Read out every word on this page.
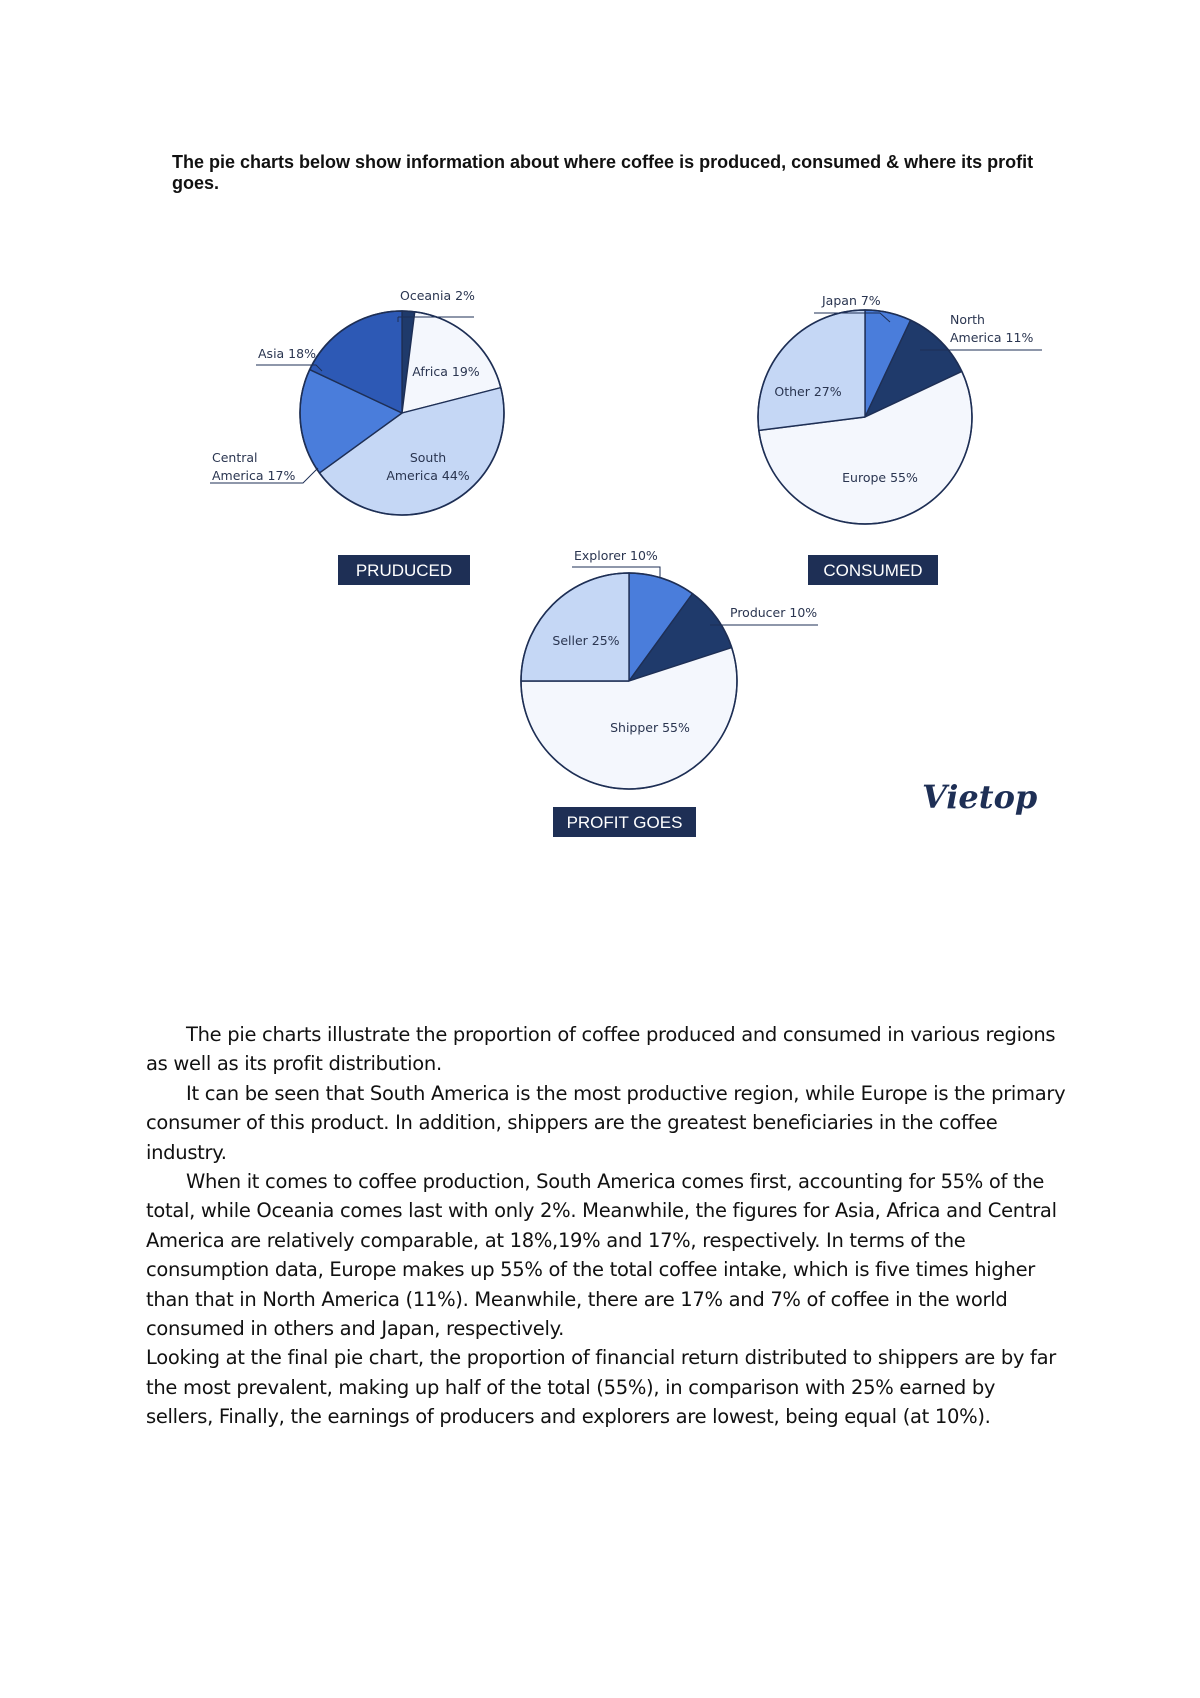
The pie charts below show information about where coffee is produced, consumed & where its profit goes.
Oceania 2%
Africa 19%
South America 44%
Central America 17%
Asia 18%
PRUDUCED
Japan 7%
North America 11%
Europe 55%
Other 27%
CONSUMED
Explorer 10%
Producer 10%
Shipper 55%
Seller 25%
PROFIT GOES
Vietop

The pie charts illustrate the proportion of coffee produced and consumed in various regions as well as its profit distribution.

It can be seen that South America is the most productive region, while Europe is the primary consumer of this product. In addition, shippers are the greatest beneficiaries in the coffee industry.

When it comes to coffee production, South America comes first, accounting for 55% of the total, while Oceania comes last with only 2%. Meanwhile, the figures for Asia, Africa and Central America are relatively comparable, at 18%,19% and 17%, respectively. In terms of the consumption data, Europe makes up 55% of the total coffee intake, which is five times higher than that in North America (11%). Meanwhile, there are 17% and 7% of coffee in the world consumed in others and Japan, respectively.

Looking at the final pie chart, the proportion of financial return distributed to shippers are by far the most prevalent, making up half of the total (55%), in comparison with 25% earned by sellers, Finally, the earnings of producers and explorers are lowest, being equal (at 10%).
